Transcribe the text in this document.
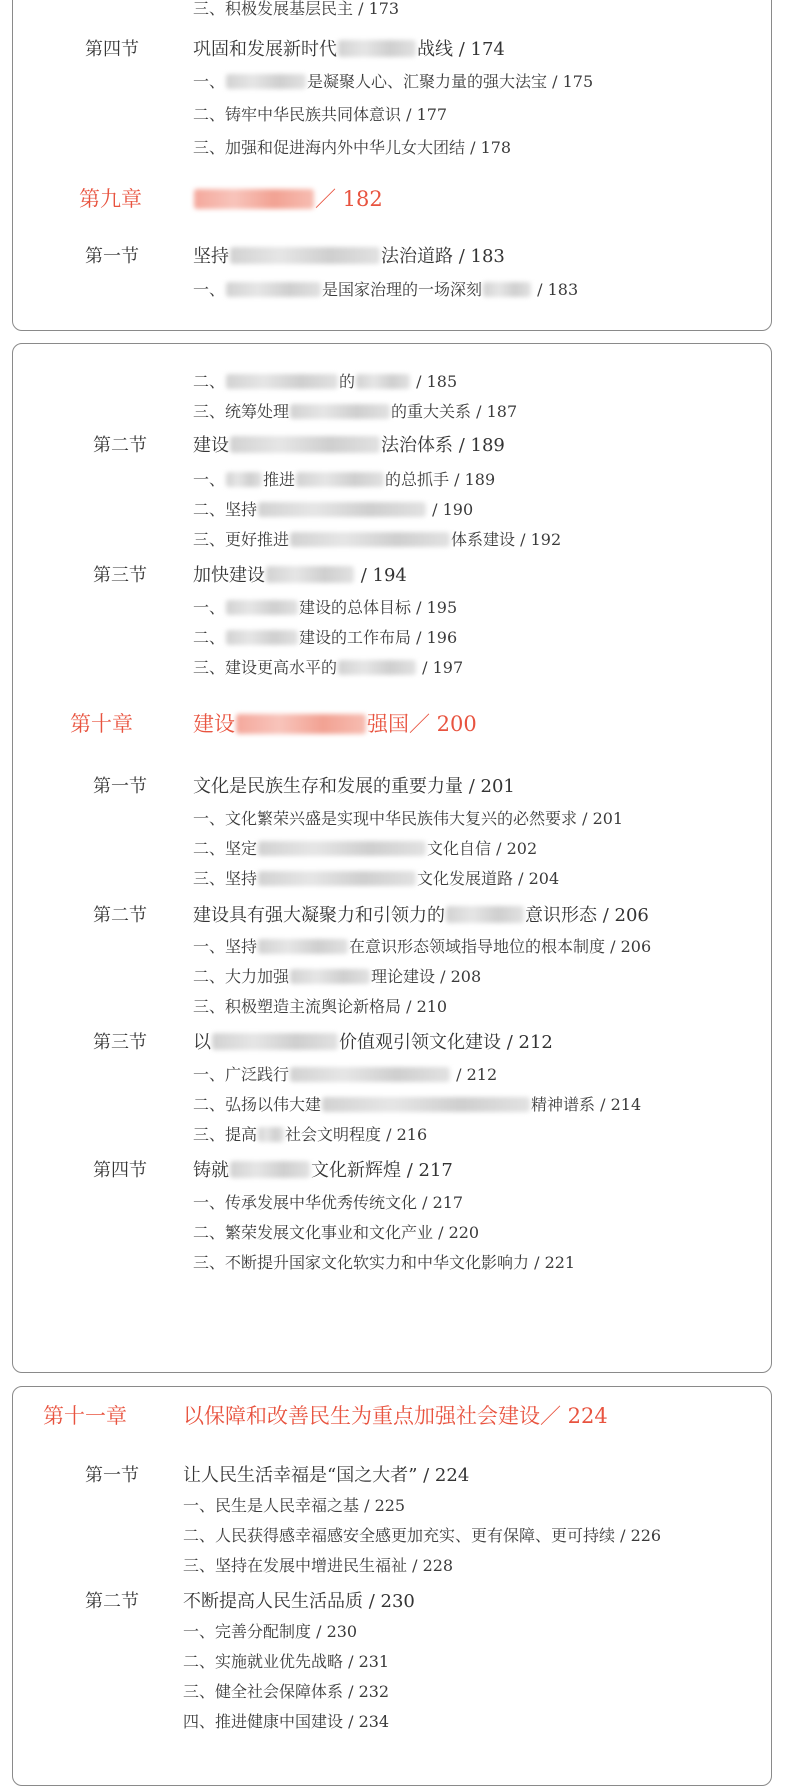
三、积极发展基层民主 / 173
第四节	巩固和发展新时代	战线 / 174
一、	是凝聚人心、汇聚力量的强大法宝 / 175
二、铸牢中华民族共同体意识 / 177
三、加强和促进海内外中华儿女大团结 / 178
第九章	／ 182
第一节	坚持	法治道路 / 183
一、	是国家治理的一场深刻	/ 183
二、	的	/ 185
三、统筹处理	的重大关系 / 187
第二节	建设	法治体系 / 189
一、 推进	的总抓手 / 189
二、坚持	/ 190
三、更好推进	体系建设 / 192
第三节	加快建设	/ 194
一、	建设的总体目标 / 195
二、	建设的工作布局 / 196
三、建设更高水平的	/ 197
第十章	建设	强国／ 200
第一节	文化是民族生存和发展的重要力量 / 201
一、文化繁荣兴盛是实现中华民族伟大复兴的必然要求 / 201
二、坚定	文化自信 / 202
三、坚持	文化发展道路 / 204
第二节	建设具有强大凝聚力和引领力的	意识形态 / 206
一、坚持	在意识形态领域指导地位的根本制度 / 206
二、大力加强	理论建设 / 208
三、积极塑造主流舆论新格局 / 210
第三节	以	价值观引领文化建设 / 212
一、广泛践行	/ 212
二、弘扬以伟大建	精神谱系 / 214
三、提高 社会文明程度 / 216
第四节	铸就	文化新辉煌 / 217
一、传承发展中华优秀传统文化 / 217
二、繁荣发展文化事业和文化产业 / 220
三、不断提升国家文化软实力和中华文化影响力 / 221
第十一章	以保障和改善民生为重点加强社会建设／ 224
第一节 让人民生活幸福是“国之大者” / 224
一、民生是人民幸福之基 / 225
二、人民获得感幸福感安全感更加充实、更有保障、更可持续 / 226
三、坚持在发展中增进民生福祉 / 228
第二节 不断提高人民生活品质 / 230
一、完善分配制度 / 230
二、实施就业优先战略 / 231
三、健全社会保障体系 / 232
四、推进健康中国建设 / 234
